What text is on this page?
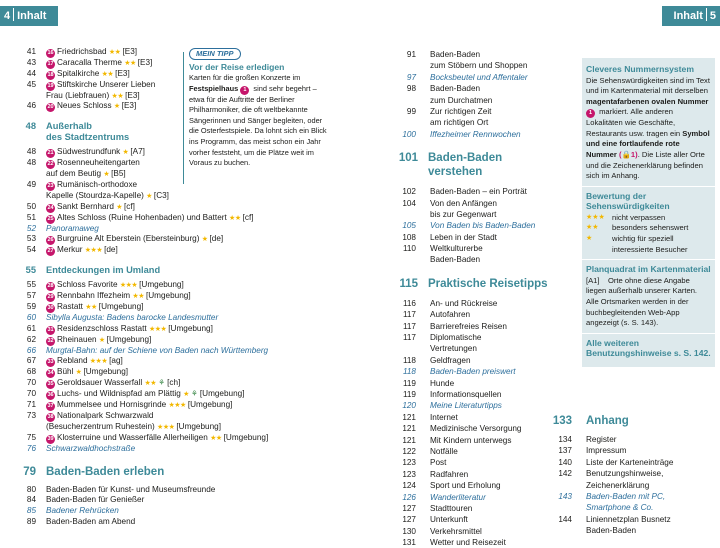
4 Inhalt	Inhalt 5
41 16 Friedrichsbad ★★ [E3]
43 17 Caracalla Therme ★★ [E3]
44 18 Spitalkirche ★★ [E3]
45 19 Stiftskirche Unserer Lieben
Frau (Liebfrauen) ★★ [E3]
46 20 Neues Schloss ★ [E3]
48 Außerhalb
des Stadtzentrums
48 21 Südwestrundfunk ★ [A7]
48 22 Rosenneuheitengarten
auf dem Beutig ★ [B5]
49 23 Rumänisch-orthodoxe
Kapelle (Stourdza-Kapelle) ★ [C3]
50 24 Sankt Bernhard ★ [cf]
51 25 Altes Schloss (Ruine Hohenbaden) und Battert ★★ [cf]
52 Panoramaweg
53 26 Burgruine Alt Eberstein (Ebersteinburg) ★ [de]
54 27 Merkur ★★★ [de]
55 Entdeckungen im Umland
55 28 Schloss Favorite ★★★ [Umgebung]
57 29 Rennbahn Iffezheim ★★ [Umgebung]
59 30 Rastatt ★★ [Umgebung]
60 Sibylla Augusta: Badens barocke Landesmutter
61 31 Residenzschloss Rastatt ★★★ [Umgebung]
62 32 Rheinauen ★ [Umgebung]
66 Murgtal-Bahn: auf der Schiene von Baden nach Württemberg
67 33 Rebland ★★★ [ag]
68 34 Bühl ★ [Umgebung]
70 35 Geroldsauer Wasserfall ★★ ⚘ [ch]
70 36 Luchs- und Wildnispfad am Plättig ★ ⚘ [Umgebung]
71 37 Mummelsee und Hornisgrinde ★★★ [Umgebung]
73 38 Nationalpark Schwarzwald
(Besucherzentrum Ruhestein) ★★★ [Umgebung]
75 39 Klosterruine und Wasserfälle Allerheiligen ★★ [Umgebung]
76 Schwarzwaldhochstraße
79 Baden-Baden erleben
80 Baden-Baden für Kunst- und Museumsfreunde
84 Baden-Baden für Genießer
85 Badener Rehrücken
89 Baden-Baden am Abend
MEIN TIPP
Vor der Reise erledigen
Karten für die großen Konzerte im Festspielhaus 1 sind sehr begehrt – etwa für die Auftritte der Berliner Philharmoniker, die oft weltbekannte Sängerinnen und Sänger begleiten, oder die Osterfestspiele. Da lohnt sich ein Blick ins Programm, das meist schon ein Jahr vorher feststeht, um die Plätze weit im Voraus zu buchen.
91 Baden-Baden
zum Stöbern und Shoppen
97 Bocksbeutel und Affentaler
98 Baden-Baden
zum Durchatmen
99 Zur richtigen Zeit
am richtigen Ort
100 Iffezheimer Rennwochen
101 Baden-Baden
verstehen
102 Baden-Baden – ein Porträt
104 Von den Anfängen
bis zur Gegenwart
105 Von Baden bis Baden-Baden
108 Leben in der Stadt
110 Weltkulturerbe
Baden-Baden
115 Praktische Reisetipps
116 An- und Rückreise
117 Autofahren
117 Barrierefreies Reisen
117 Diplomatische
Vertretungen
118 Geldfragen
118 Baden-Baden preiswert
119 Hunde
119 Informationsquellen
120 Meine Literaturtipps
121 Internet
121 Medizinische Versorgung
121 Mit Kindern unterwegs
122 Notfälle
123 Post
123 Radfahren
124 Sport und Erholung
126 Wanderliteratur
127 Stadttouren
127 Unterkunft
130 Verkehrsmittel
131 Wetter und Reisezeit
Cleveres Nummernsystem
Die Sehenswürdigkeiten sind im Text und im Kartenmaterial mit derselben magentafarbenen ovalen Nummer
1 markiert. Alle anderen Lokalitäten wie Geschäfte, Restaurants usw. tragen ein Symbol und eine fortlaufende rote Nummer (🔒1). Die Liste aller Orte und die Zeichenerklärung befinden sich im Anhang.
Bewertung der Sehenswürdigkeiten
★★★ nicht verpassen
★★ besonders sehenswert
★	wichtig für speziell interessierte Besucher
Planquadrat im Kartenmaterial
[A1] Orte ohne diese Angabe liegen außerhalb unserer Karten. Alle Ortsmarken werden in der buchbegleitenden Web-App angezeigt (s. S. 143).
Alle weiteren Benutzungshinweise s. S. 142.
133 Anhang
134 Register
137 Impressum
140 Liste der Karteneinträge
142 Benutzungshinweise,
Zeichenerklärung
143 Baden-Baden mit PC,
Smartphone & Co.
144 Liniennetzplan Busnetz
Baden-Baden
